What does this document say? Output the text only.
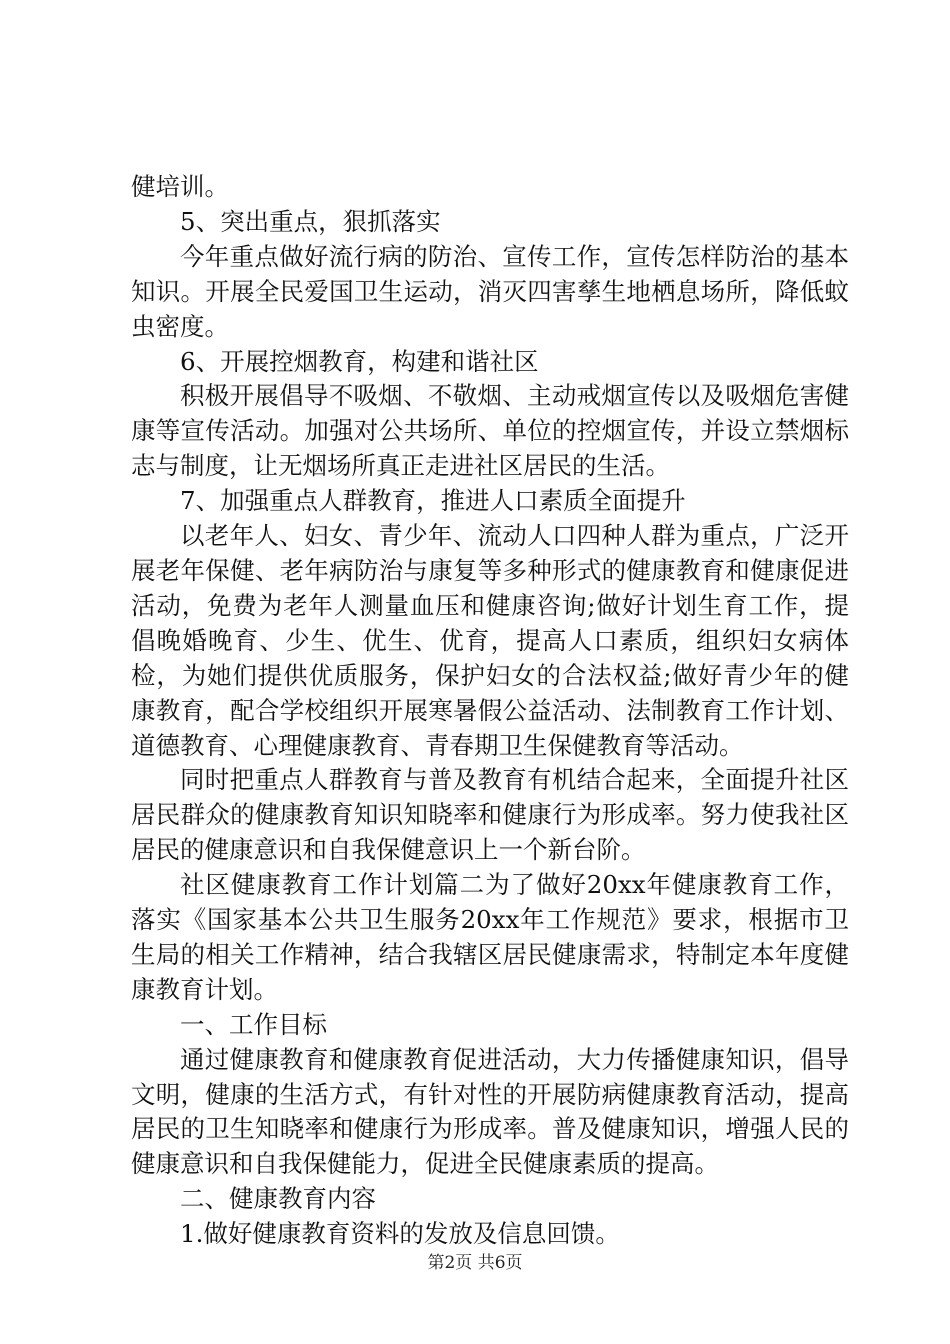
健培训。

5、突出重点，狠抓落实

今年重点做好流行病的防治、宣传工作，宣传怎样防治的基本知识。开展全民爱国卫生运动，消灭四害孳生地栖息场所，降低蚊虫密度。

6、开展控烟教育，构建和谐社区

积极开展倡导不吸烟、不敬烟、主动戒烟宣传以及吸烟危害健康等宣传活动。加强对公共场所、单位的控烟宣传，并设立禁烟标志与制度，让无烟场所真正走进社区居民的生活。

7、加强重点人群教育，推进人口素质全面提升

以老年人、妇女、青少年、流动人口四种人群为重点，广泛开展老年保健、老年病防治与康复等多种形式的健康教育和健康促进活动，免费为老年人测量血压和健康咨询;做好计划生育工作，提倡晚婚晚育、少生、优生、优育，提高人口素质，组织妇女病体检，为她们提供优质服务，保护妇女的合法权益;做好青少年的健康教育，配合学校组织开展寒暑假公益活动、法制教育工作计划、道德教育、心理健康教育、青春期卫生保健教育等活动。

同时把重点人群教育与普及教育有机结合起来，全面提升社区居民群众的健康教育知识知晓率和健康行为形成率。努力使我社区居民的健康意识和自我保健意识上一个新台阶。

社区健康教育工作计划篇二为了做好20xx年健康教育工作，落实《国家基本公共卫生服务20xx年工作规范》要求，根据市卫生局的相关工作精神，结合我辖区居民健康需求，特制定本年度健康教育计划。

一、工作目标

通过健康教育和健康教育促进活动，大力传播健康知识，倡导文明，健康的生活方式，有针对性的开展防病健康教育活动，提高居民的卫生知晓率和健康行为形成率。普及健康知识，增强人民的健康意识和自我保健能力，促进全民健康素质的提高。

二、健康教育内容

1.做好健康教育资料的发放及信息回馈。

第2页 共6页
